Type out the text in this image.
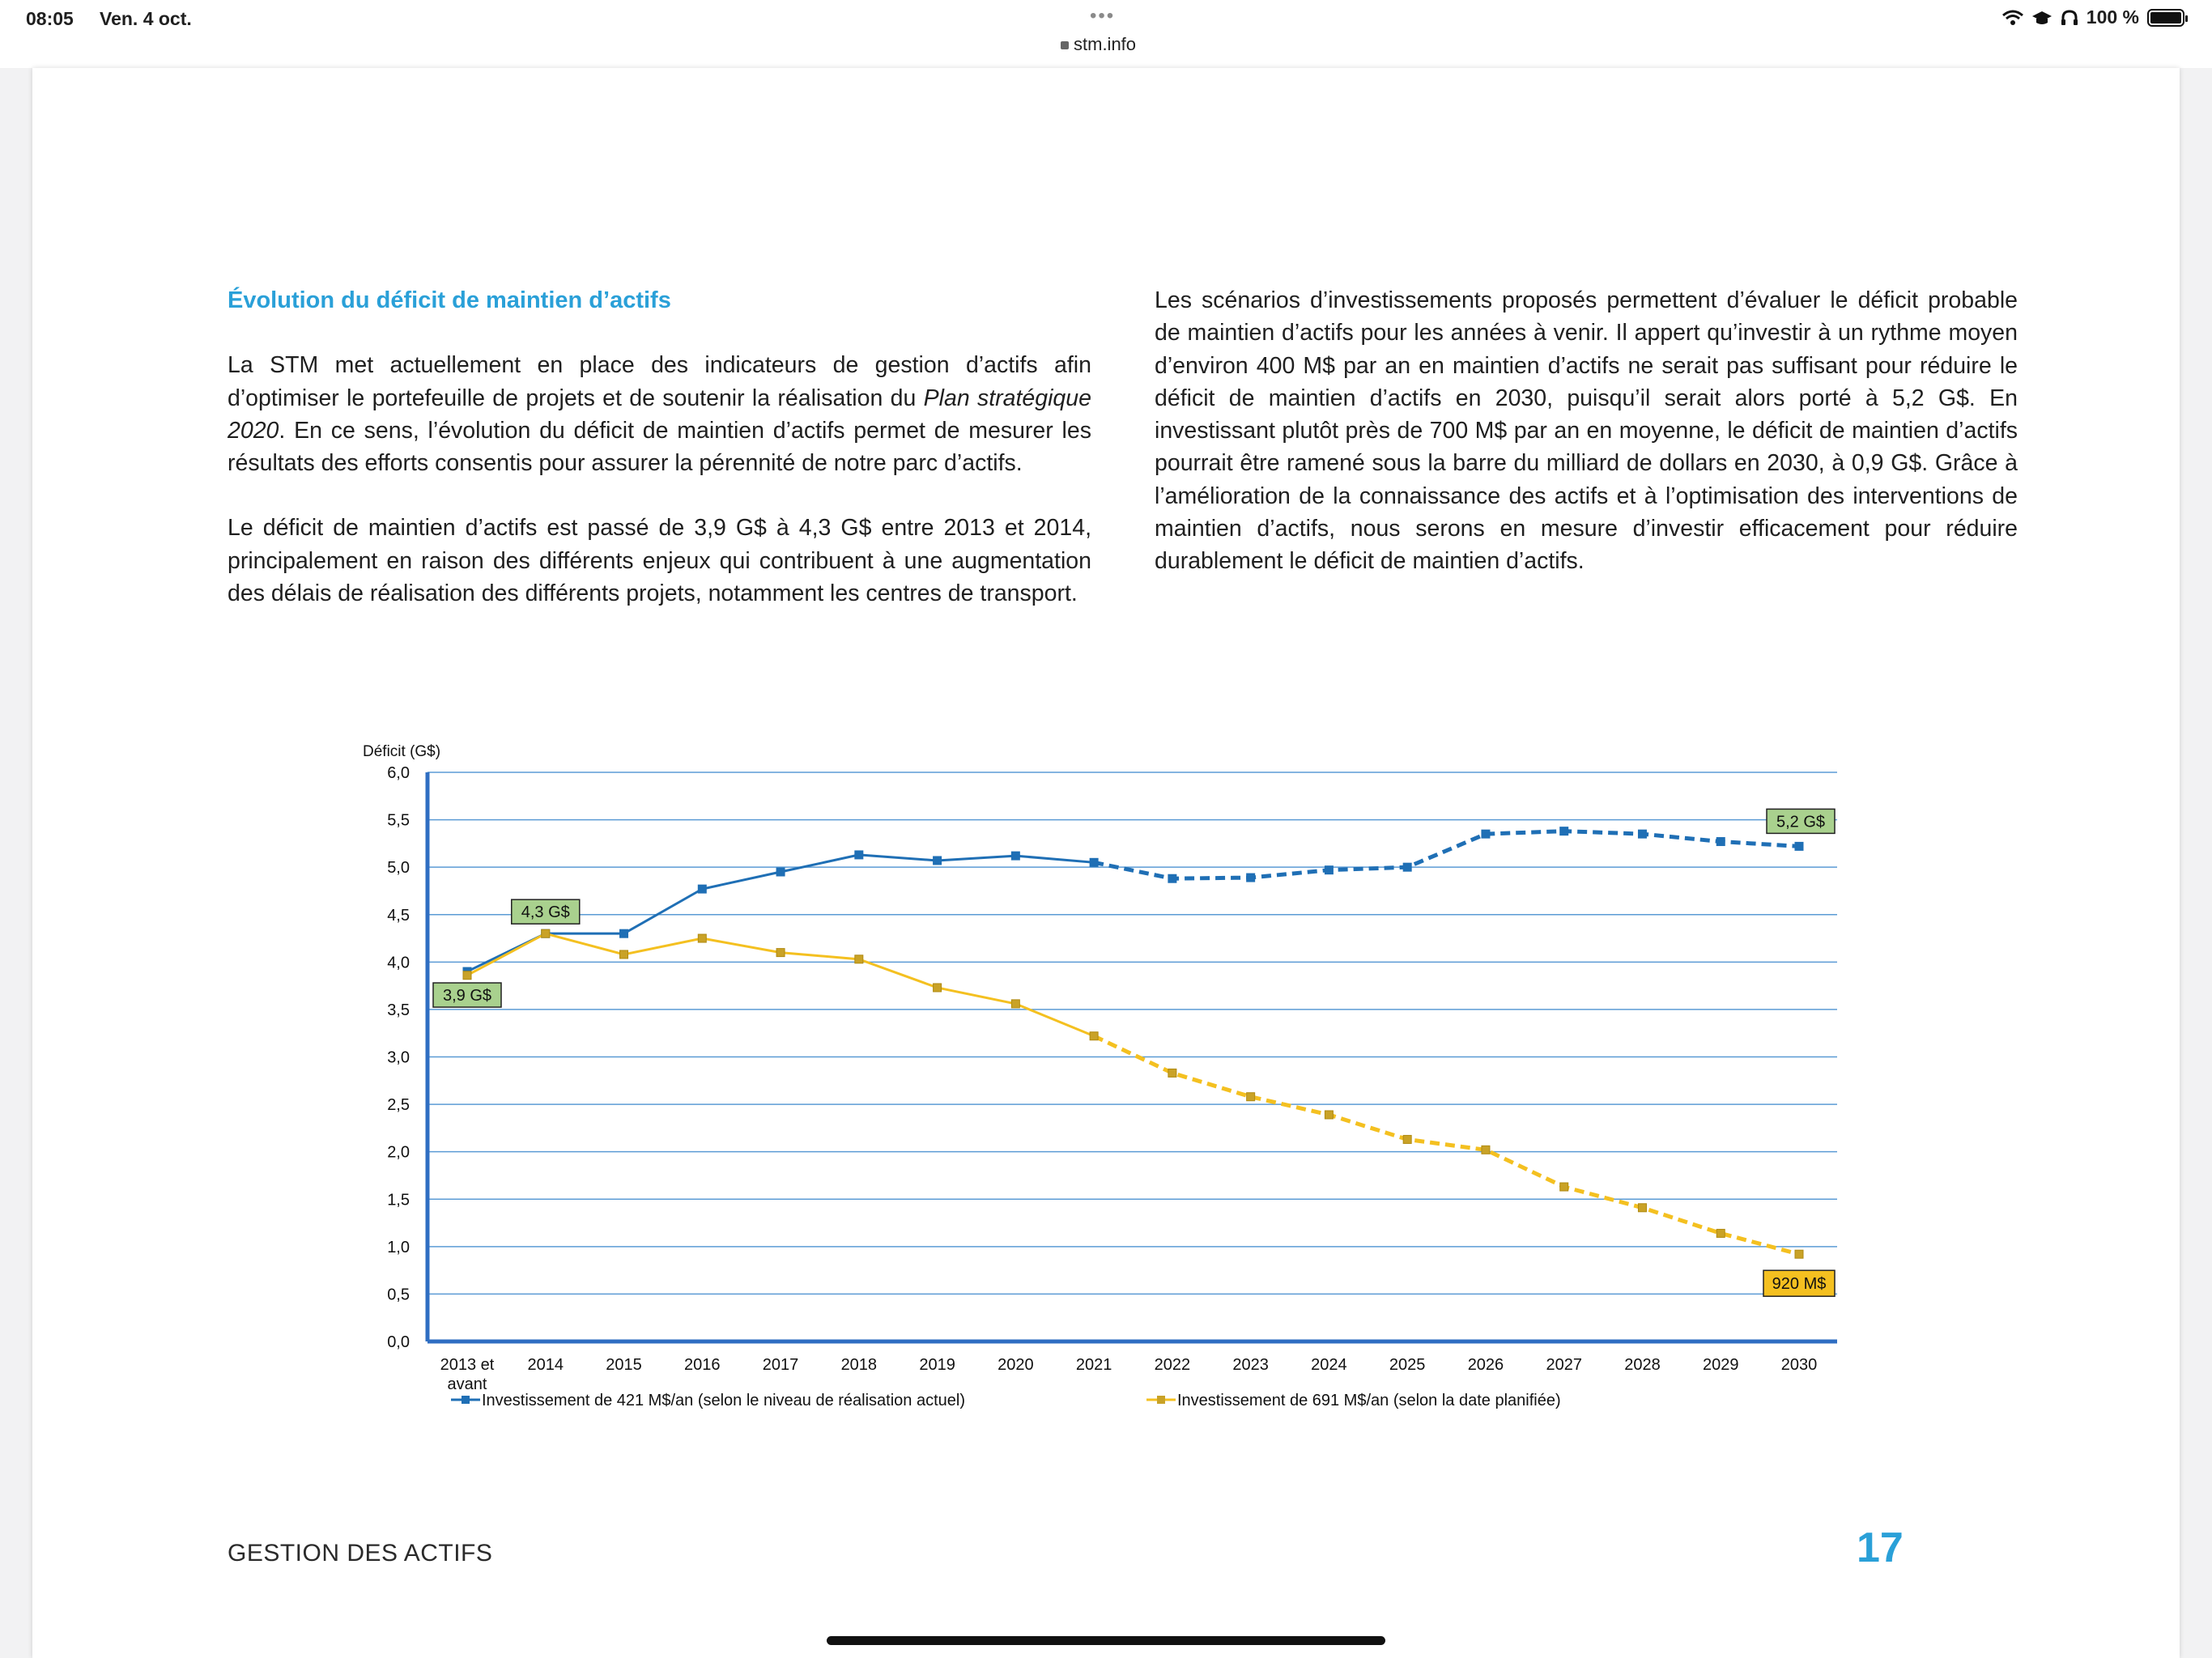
08:05 Ven. 4 oct.	•••
stm.info
100 %

Évolution du déficit de maintien d’actifs

La STM met actuellement en place des indicateurs de gestion d’actifs afin d’optimiser le portefeuille de projets et de soutenir la réalisation du Plan stratégique 2020. En ce sens, l’évolution du déficit de maintien d’actifs permet de mesurer les résultats des efforts consentis pour assurer la pérennité de notre parc d’actifs.

Le déficit de maintien d’actifs est passé de 3,9 G$ à 4,3 G$ entre 2013 et 2014, principalement en raison des différents enjeux qui contribuent à une augmentation des délais de réalisation des différents projets, notamment les centres de transport.

Les scénarios d’investissements proposés permettent d’évaluer le déficit probable de maintien d’actifs pour les années à venir. Il appert qu’investir à un rythme moyen d’environ 400 M$ par an en maintien d’actifs ne serait pas suffisant pour réduire le déficit de maintien d’actifs en 2030, puisqu’il serait alors porté à 5,2 G$. En investissant plutôt près de 700 M$ par an en moyenne, le déficit de maintien d’actifs pourrait être ramené sous la barre du milliard de dollars en 2030, à 0,9 G$. Grâce à l’amélioration de la connaissance des actifs et à l’optimisation des interventions de maintien d’actifs, nous serons en mesure d’investir efficacement pour réduire durablement le déficit de maintien d’actifs.

0,0
0,5
1,0
1,5
2,0
2,5
3,0
3,5
4,0
4,5
5,0
5,5
6,0
Déficit (G$)
2013 et
avant
2014	2015	2016	2017	2018	2019	2020	2021	2022	2023	2024	2025	2026	2027	2028	2029	2030
3,9 G$
4,3 G$
5,2 G$
920 M$
Investissement de 421 M$/an (selon le niveau de réalisation actuel)	Investissement de 691 M$/an (selon la date planifiée)
GESTION DES ACTIFS	17
